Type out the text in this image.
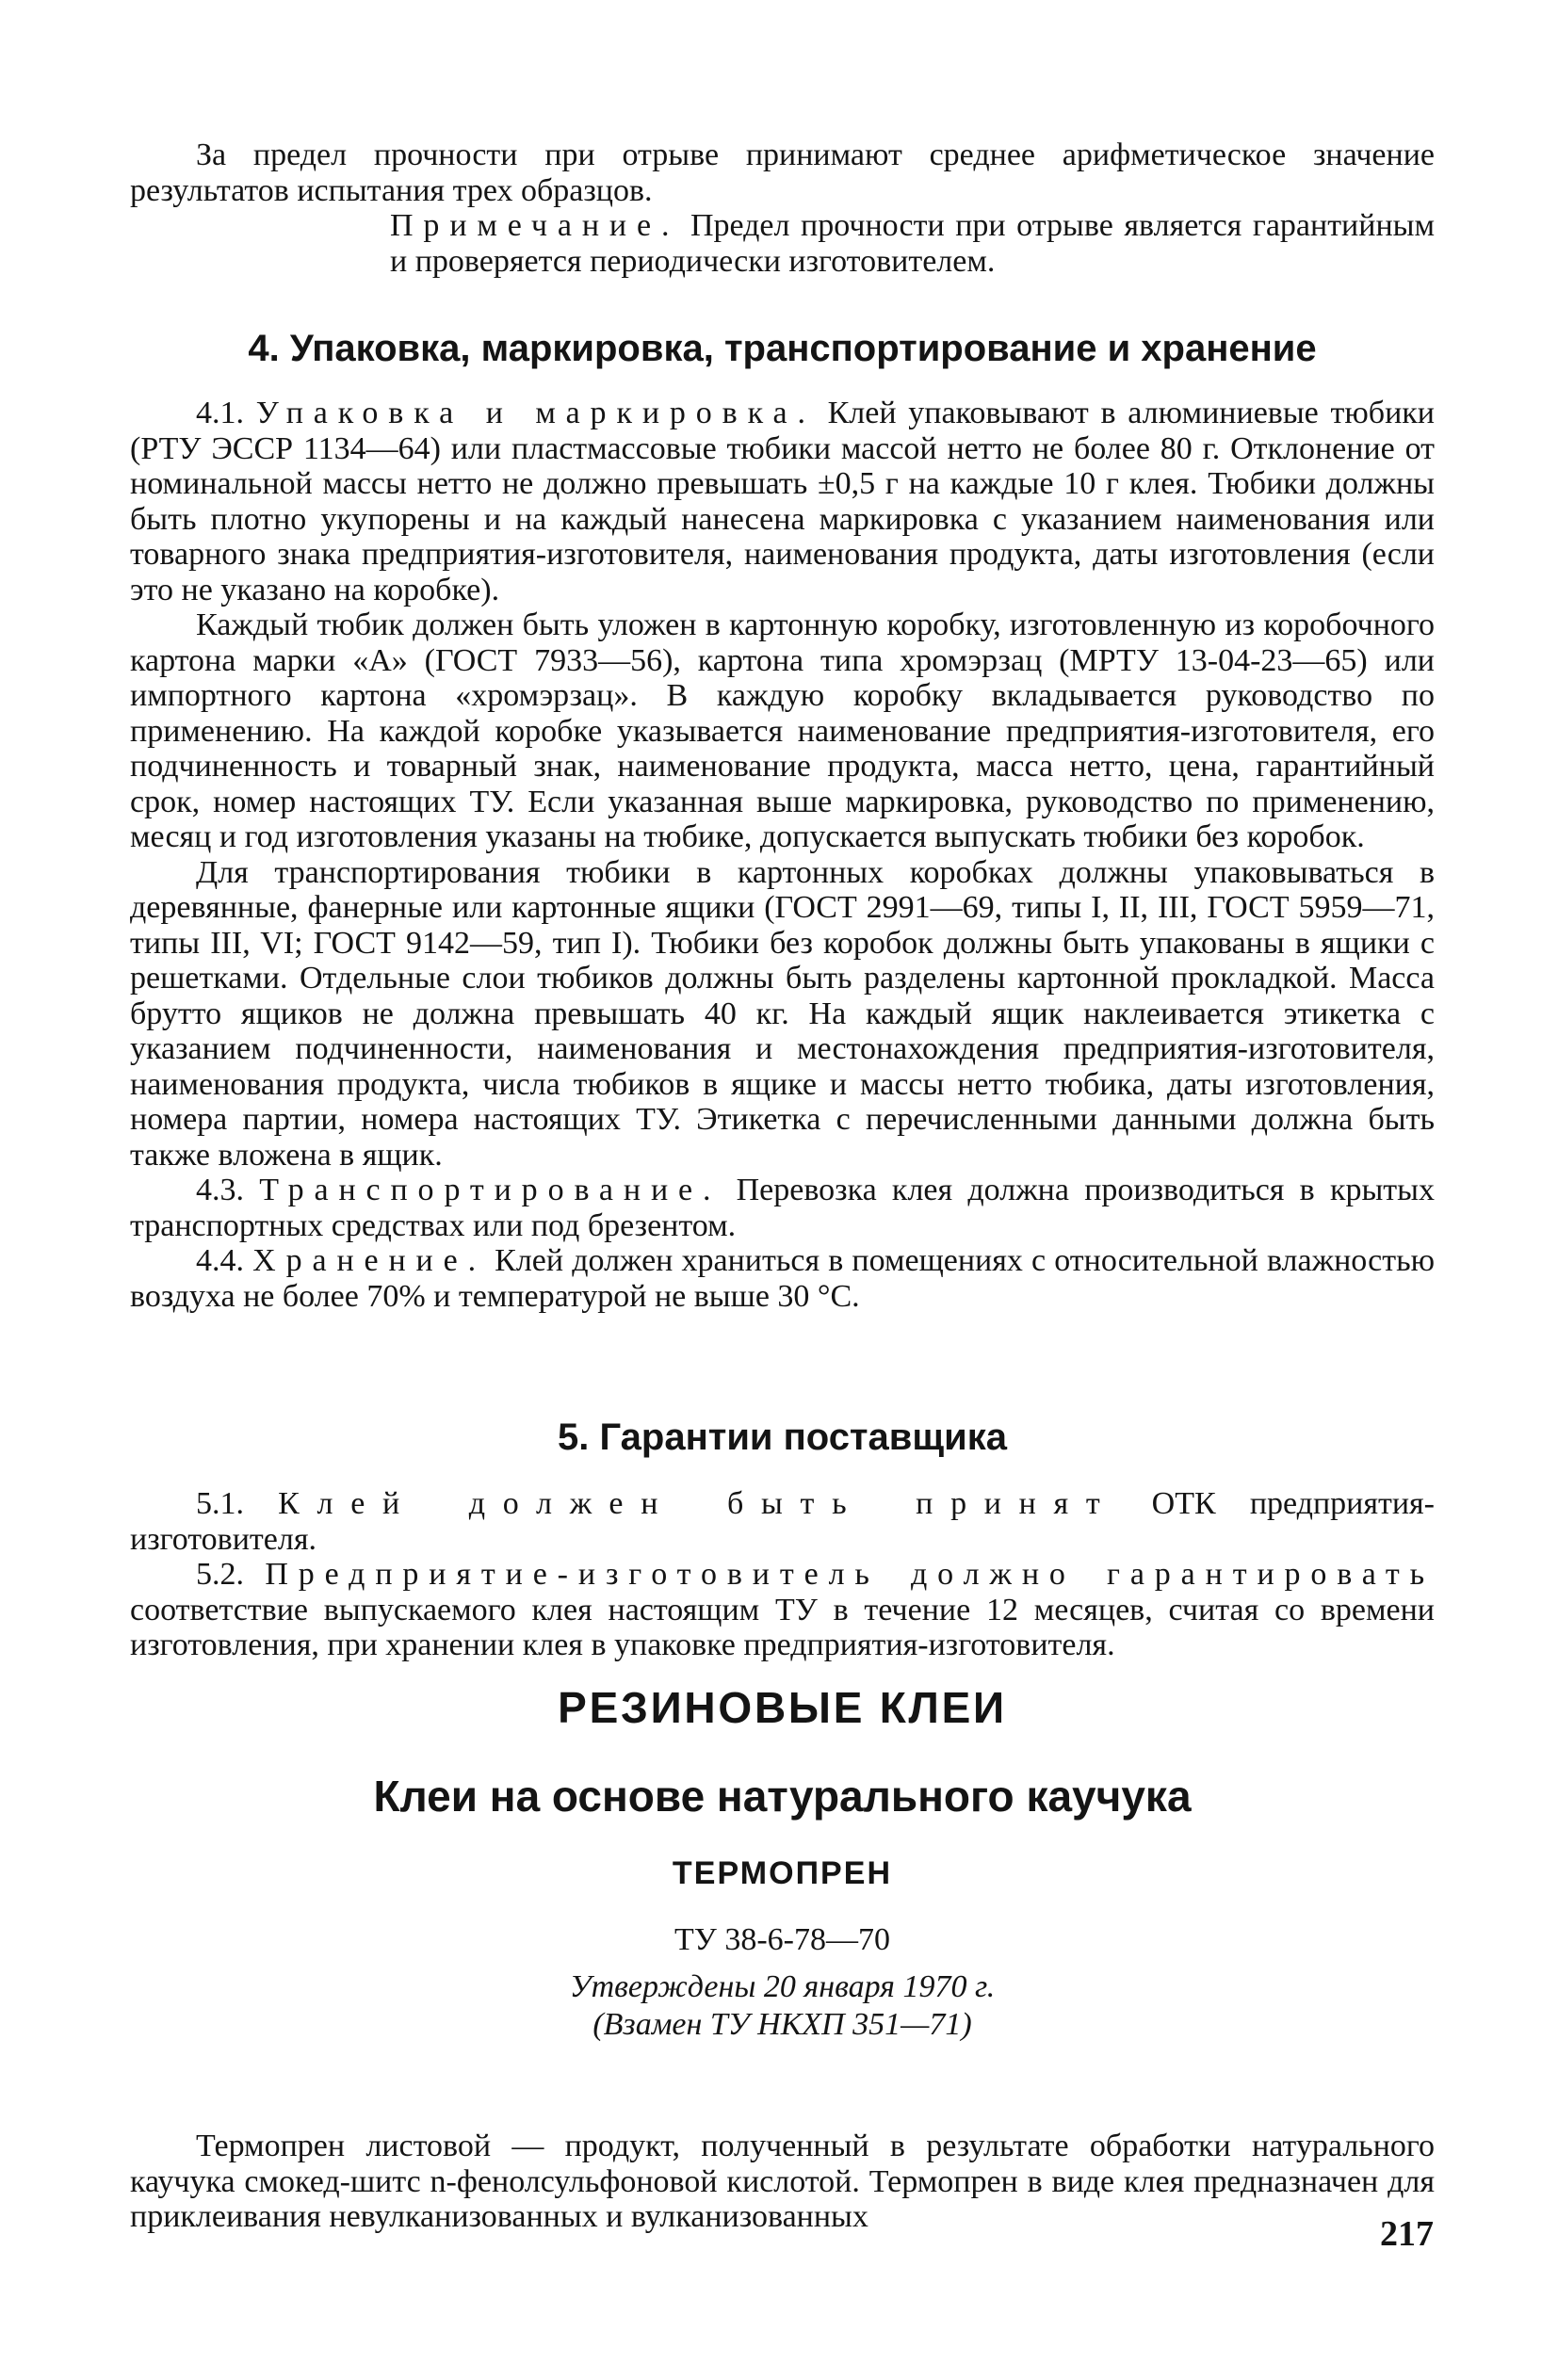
За предел прочности при отрыве принимают среднее арифметическое значение результатов испытания трех образцов.

Примечание. Предел прочности при отрыве является гарантийным и проверяется периодически изготовителем.

4. Упаковка, маркировка, транспортирование и хранение

4.1. Упаковка и маркировка. Клей упаковывают в алюминиевые тюбики (РТУ ЭССР 1134—64) или пластмассовые тюбики массой нетто не более 80 г. Отклонение от номинальной массы нетто не должно превышать ±0,5 г на каждые 10 г клея. Тюбики должны быть плотно укупорены и на каждый нанесена маркировка с указанием наименования или товарного знака предприятия-изготовителя, наименования продукта, даты изготовления (если это не указано на коробке).

Каждый тюбик должен быть уложен в картонную коробку, изготовленную из коробочного картона марки «А» (ГОСТ 7933—56), картона типа хромэрзац (МРТУ 13-04-23—65) или импортного картона «хромэрзац». В каждую коробку вкладывается руководство по применению. На каждой коробке указывается наименование предприятия-изготовителя, его подчиненность и товарный знак, наименование продукта, масса нетто, цена, гарантийный срок, номер настоящих ТУ. Если указанная выше маркировка, руководство по применению, месяц и год изготовления указаны на тюбике, допускается выпускать тюбики без коробок.

Для транспортирования тюбики в картонных коробках должны упаковываться в деревянные, фанерные или картонные ящики (ГОСТ 2991—69, типы I, II, III, ГОСТ 5959—71, типы III, VI; ГОСТ 9142—59, тип I). Тюбики без коробок должны быть упакованы в ящики с решетками. Отдельные слои тюбиков должны быть разделены картонной прокладкой. Масса брутто ящиков не должна превышать 40 кг. На каждый ящик наклеивается этикетка с указанием подчиненности, наименования и местонахождения предприятия-изготовителя, наименования продукта, числа тюбиков в ящике и массы нетто тюбика, даты изготовления, номера партии, номера настоящих ТУ. Этикетка с перечисленными данными должна быть также вложена в ящик.

4.3. Транспортирование. Перевозка клея должна производиться в крытых транспортных средствах или под брезентом.

4.4. Хранение. Клей должен храниться в помещениях с относительной влажностью воздуха не более 70% и температурой не выше 30 °С.

5. Гарантии поставщика

5.1. Клей должен быть принят ОТК предприятия-изготовителя.

5.2. Предприятие-изготовитель должно гарантировать соответствие выпускаемого клея настоящим ТУ в течение 12 месяцев, считая со времени изготовления, при хранении клея в упаковке предприятия-изготовителя.

РЕЗИНОВЫЕ КЛЕИ
Клеи на основе натурального каучука
ТЕРМОПРЕН
ТУ 38-6-78—70
Утверждены 20 января 1970 г.
(Взамен ТУ НКХП 351—71)

Термопрен листовой — продукт, полученный в результате обработки натурального каучука смокед-шитс n-фенолсульфоновой кислотой. Термопрен в виде клея предназначен для приклеивания невулканизованных и вулканизованных	217
